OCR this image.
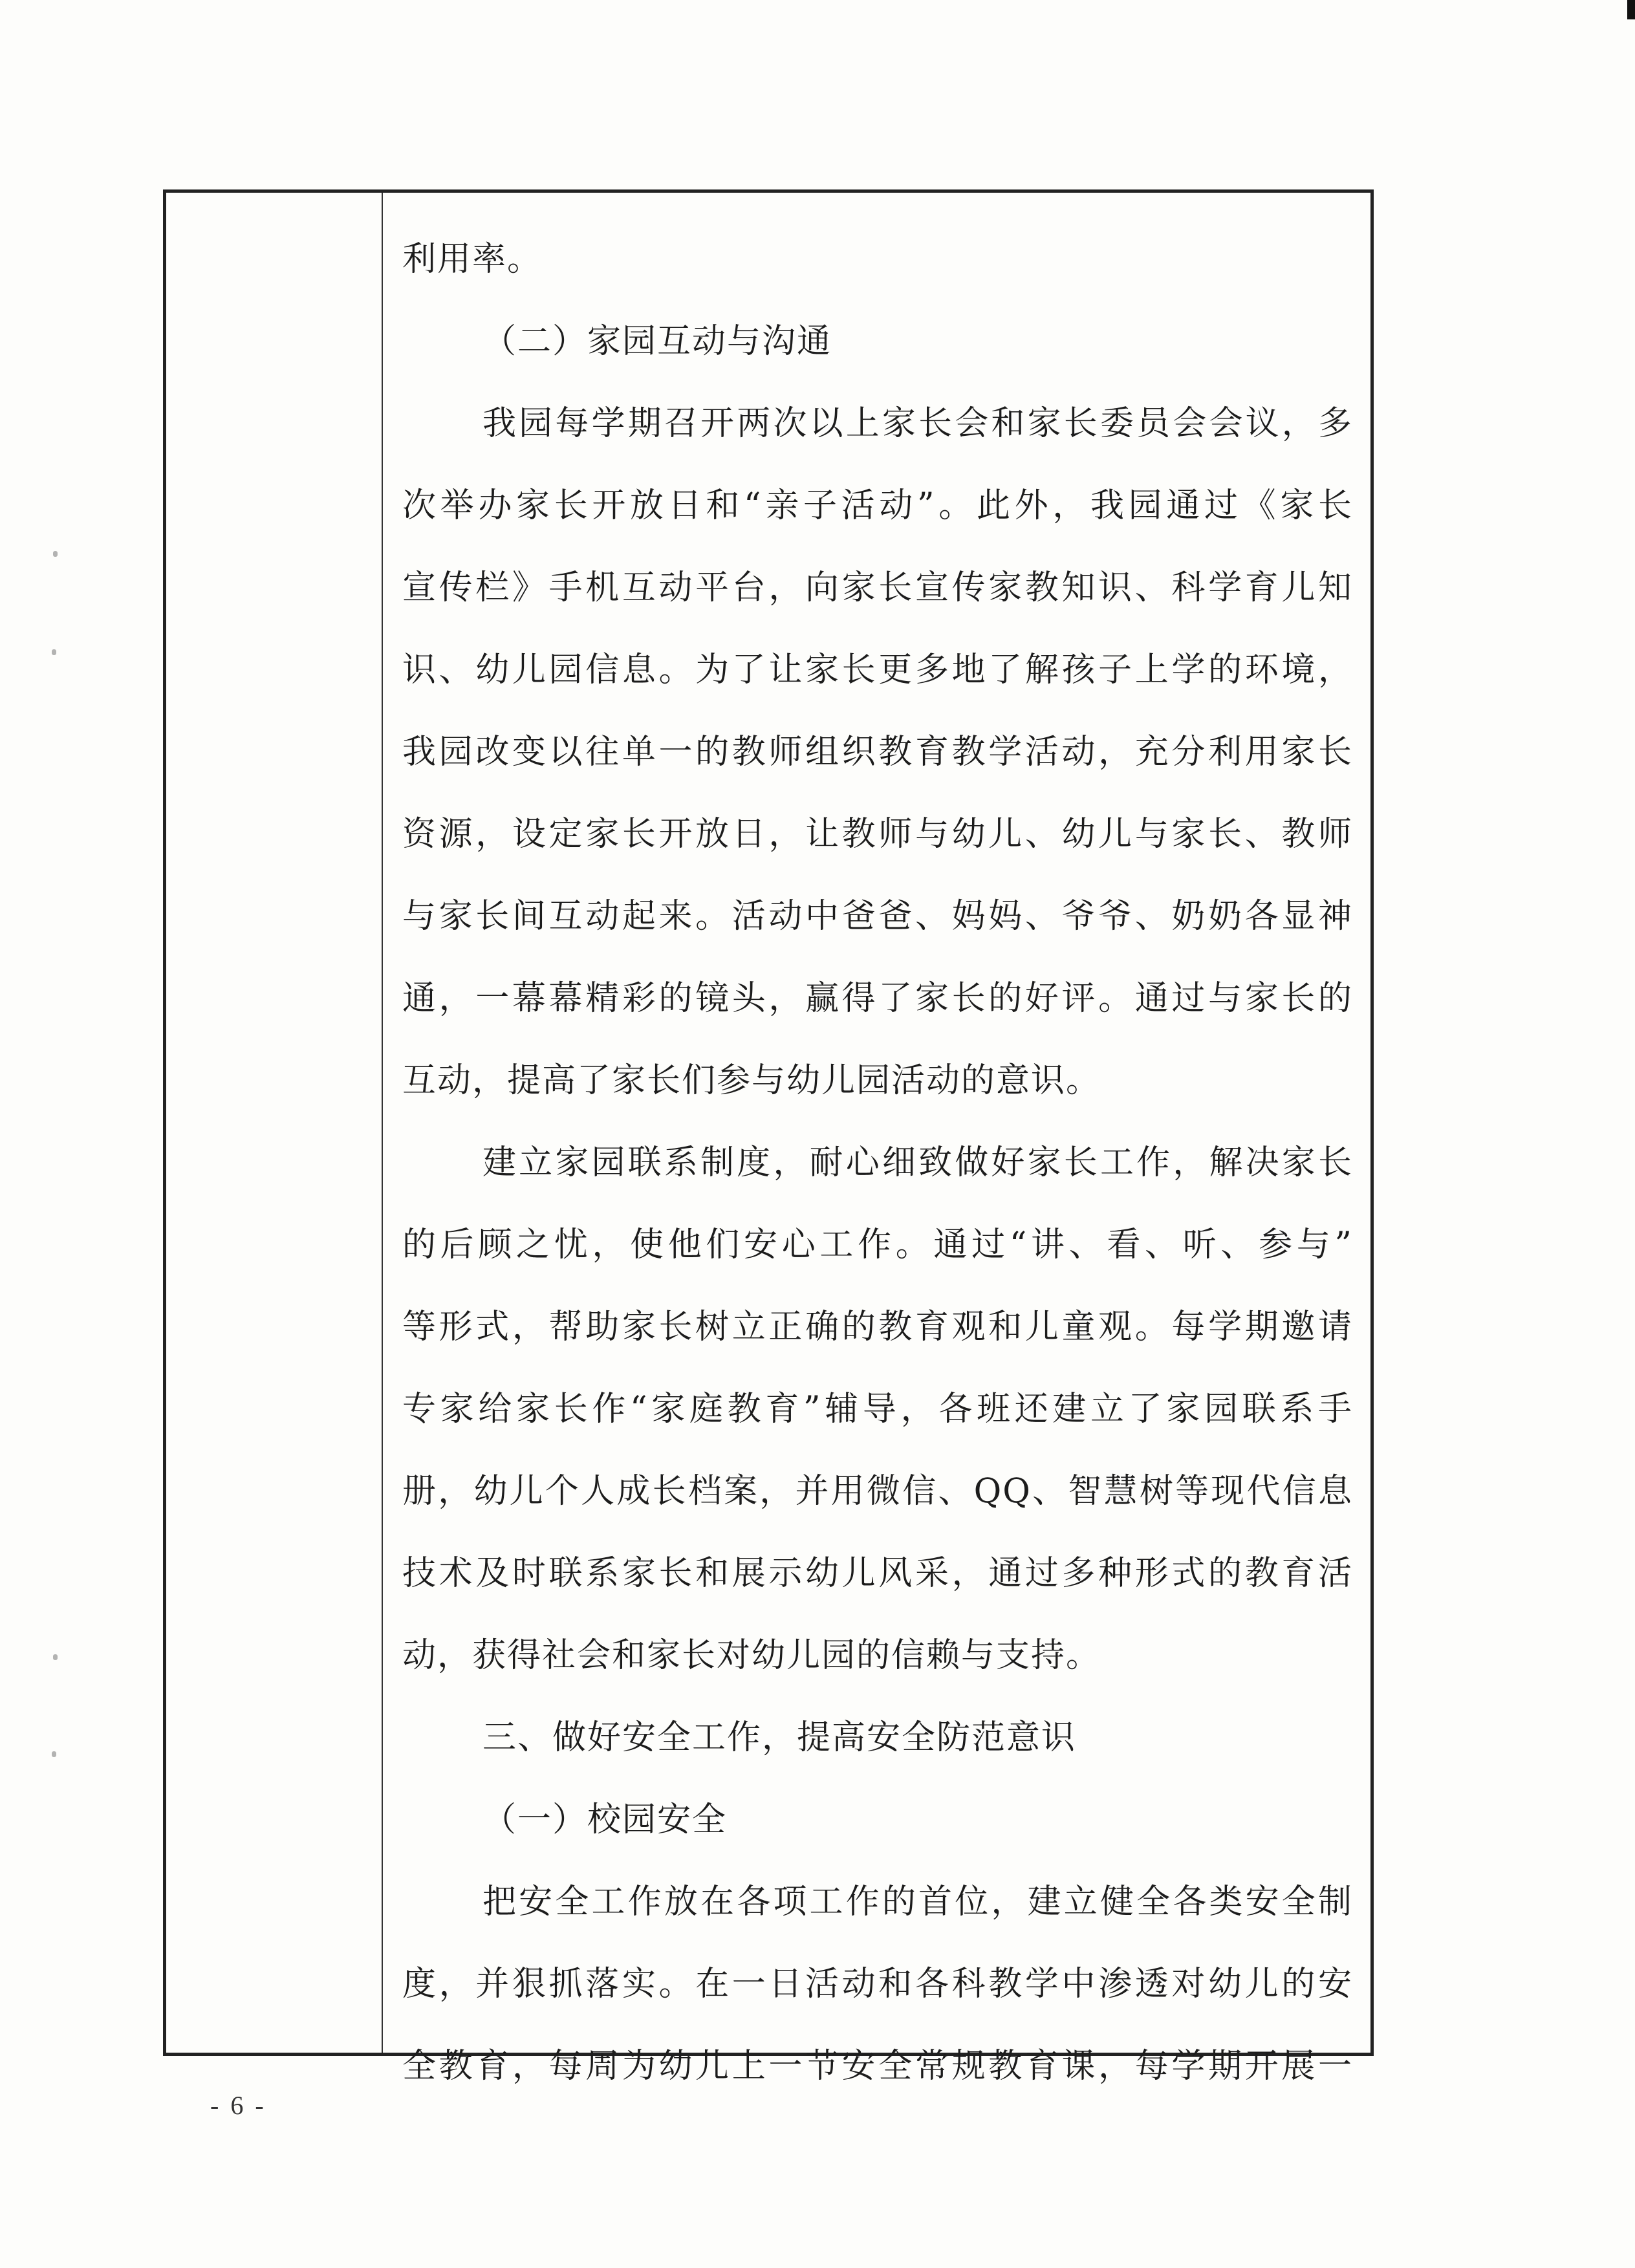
利用率。
（二）家园互动与沟通
我园每学期召开两次以上家长会和家长委员会会议，多
次举办家长开放日和“亲子活动”。此外，我园通过《家长
宣传栏》手机互动平台，向家长宣传家教知识、科学育儿知
识、幼儿园信息。为了让家长更多地了解孩子上学的环境，
我园改变以往单一的教师组织教育教学活动，充分利用家长
资源，设定家长开放日，让教师与幼儿、幼儿与家长、教师
与家长间互动起来。活动中爸爸、妈妈、爷爷、奶奶各显神
通，一幕幕精彩的镜头，赢得了家长的好评。通过与家长的
互动，提高了家长们参与幼儿园活动的意识。
建立家园联系制度，耐心细致做好家长工作，解决家长
的后顾之忧，使他们安心工作。通过“讲、看、听、参与”
等形式，帮助家长树立正确的教育观和儿童观。每学期邀请
专家给家长作“家庭教育”辅导，各班还建立了家园联系手
册，幼儿个人成长档案，并用微信、QQ、智慧树等现代信息
技术及时联系家长和展示幼儿风采，通过多种形式的教育活
动，获得社会和家长对幼儿园的信赖与支持。
三、做好安全工作，提高安全防范意识
（一）校园安全
把安全工作放在各项工作的首位，建立健全各类安全制
度，并狠抓落实。在一日活动和各科教学中渗透对幼儿的安
全教育，每周为幼儿上一节安全常规教育课，每学期开展一
- 6 -
